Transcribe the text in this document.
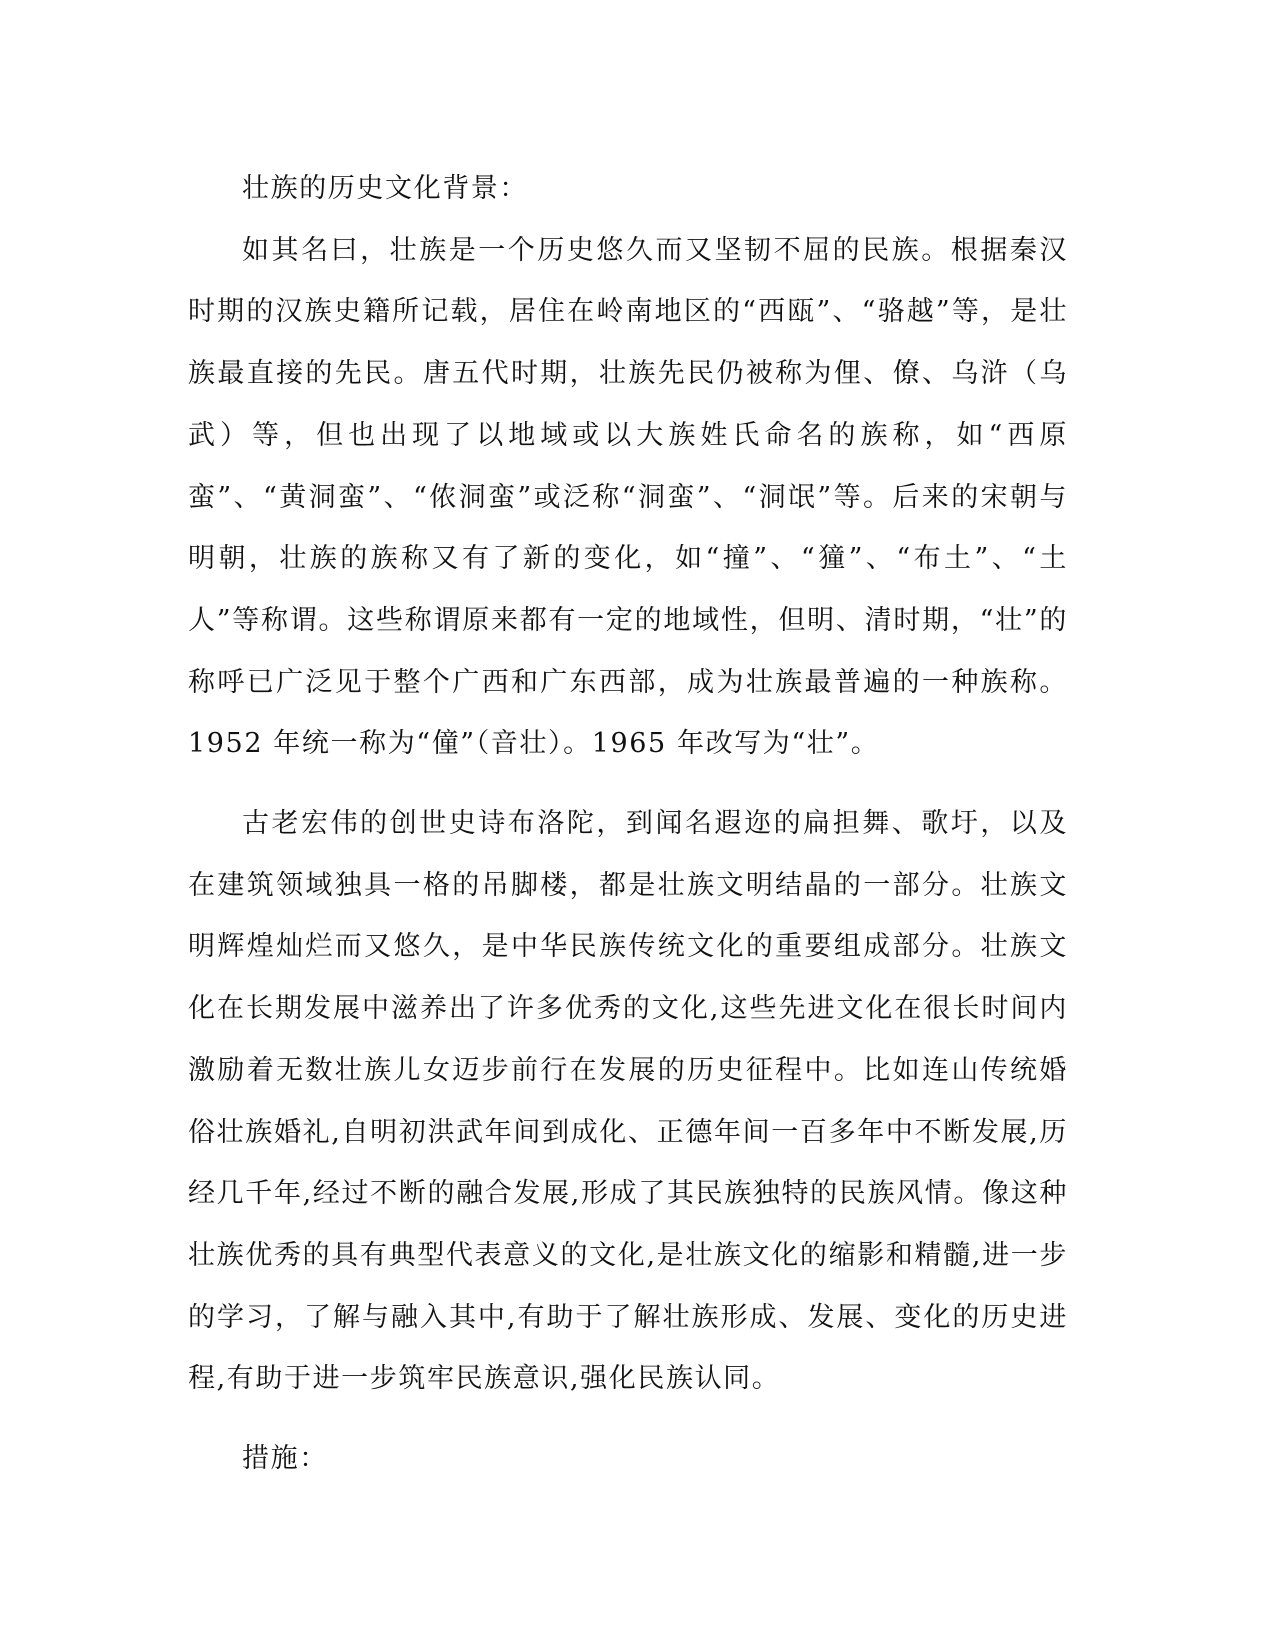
壮族的历史文化背景：

如其名曰，壮族是一个历史悠久而又坚韧不屈的民族。根据秦汉时期的汉族史籍所记载，居住在岭南地区的“西瓯”、“骆越”等，是壮族最直接的先民。唐五代时期，壮族先民仍被称为俚、僚、乌浒（乌武）等，但也出现了以地域或以大族姓氏命名的族称，如“西原蛮”、“黄洞蛮”、“侬洞蛮”或泛称“洞蛮”、“洞氓”等。后来的宋朝与明朝，壮族的族称又有了新的变化，如“撞”、“獞”、“布土”、“土人”等称谓。这些称谓原来都有一定的地域性，但明、清时期，“壮”的称呼已广泛见于整个广西和广东西部，成为壮族最普遍的一种族称。1952 年统一称为“僮”（音壮）。1965 年改写为“壮”。

古老宏伟的创世史诗布洛陀，到闻名遐迩的扁担舞、歌圩，以及在建筑领域独具一格的吊脚楼，都是壮族文明结晶的一部分。壮族文明辉煌灿烂而又悠久，是中华民族传统文化的重要组成部分。壮族文化在长期发展中滋养出了许多优秀的文化,这些先进文化在很长时间内激励着无数壮族儿女迈步前行在发展的历史征程中。比如连山传统婚俗壮族婚礼,自明初洪武年间到成化、正德年间一百多年中不断发展,历经几千年,经过不断的融合发展,形成了其民族独特的民族风情。像这种壮族优秀的具有典型代表意义的文化,是壮族文化的缩影和精髓,进一步的学习，了解与融入其中,有助于了解壮族形成、发展、变化的历史进程,有助于进一步筑牢民族意识,强化民族认同。

措施：
